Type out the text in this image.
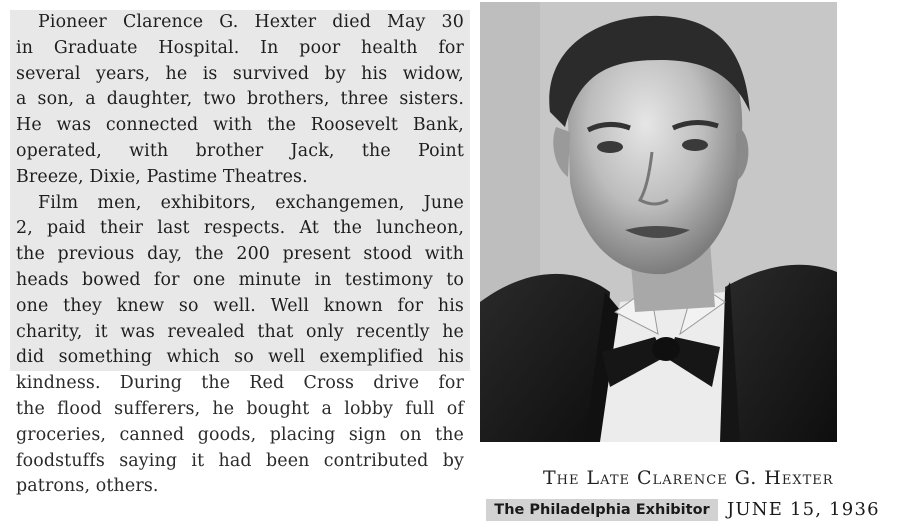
Pioneer Clarence G. Hexter died May 30
in Graduate Hospital. In poor health for
several years, he is survived by his widow,
a son, a daughter, two brothers, three sisters.
He was connected with the Roosevelt Bank,
operated, with brother Jack, the Point
Breeze, Dixie, Pastime Theatres.

Film men, exhibitors, exchangemen, June
2, paid their last respects. At the luncheon,
the previous day, the 200 present stood with
heads bowed for one minute in testimony to
one they knew so well. Well known for his
charity, it was revealed that only recently he
did something which so well exemplified his
kindness. During the Red Cross drive for
the flood sufferers, he bought a lobby full of
groceries, canned goods, placing sign on the
foodstuffs saying it had been contributed by
patrons, others.	The Late Clarence G. Hexter
The Philadelphia Exhibitor JUNE 15, 1936
